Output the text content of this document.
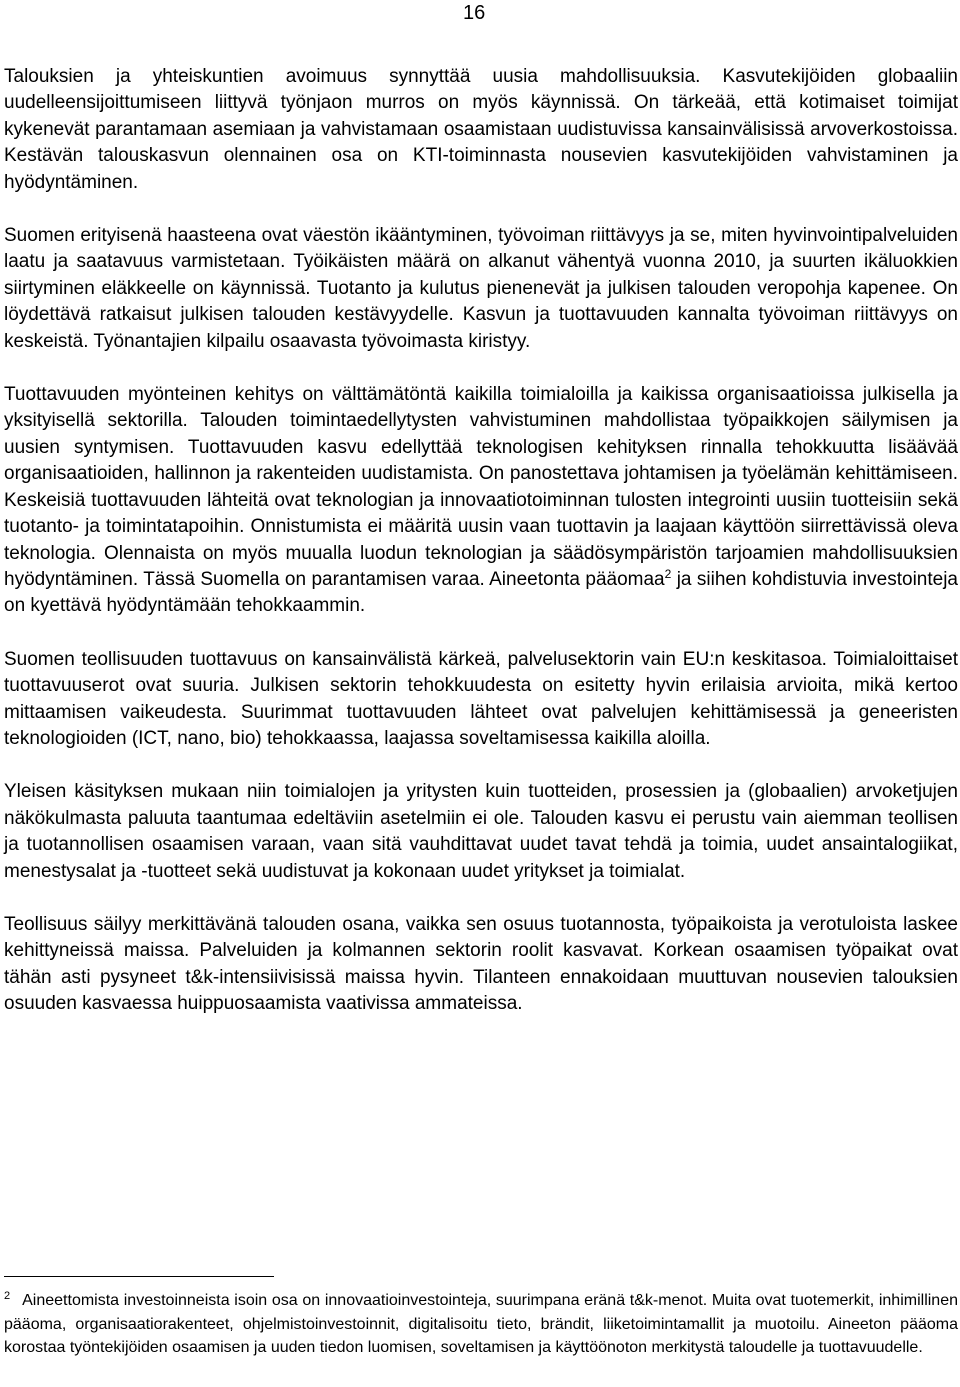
16

Talouksien ja yhteiskuntien avoimuus synnyttää uusia mahdollisuuksia. Kasvutekijöiden globaaliin uudelleensijoittumiseen liittyvä työnjaon murros on myös käynnissä. On tärkeää, että kotimaiset toimijat kykenevät parantamaan asemiaan ja vahvistamaan osaamistaan uudistuvissa kansainvälisissä arvoverkostoissa. Kestävän talouskasvun olennainen osa on KTI-toiminnasta nousevien kasvutekijöiden vahvistaminen ja hyödyntäminen.

Suomen erityisenä haasteena ovat väestön ikääntyminen, työvoiman riittävyys ja se, miten hyvinvointipalveluiden laatu ja saatavuus varmistetaan. Työikäisten määrä on alkanut vähentyä vuonna 2010, ja suurten ikäluokkien siirtyminen eläkkeelle on käynnissä. Tuotanto ja kulutus pienenevät ja julkisen talouden veropohja kapenee. On löydettävä ratkaisut julkisen talouden kestävyydelle. Kasvun ja tuottavuuden kannalta työvoiman riittävyys on keskeistä. Työnantajien kilpailu osaavasta työvoimasta kiristyy.

Tuottavuuden myönteinen kehitys on välttämätöntä kaikilla toimialoilla ja kaikissa organisaatioissa julkisella ja yksityisellä sektorilla. Talouden toimintaedellytysten vahvistuminen mahdollistaa työpaikkojen säilymisen ja uusien syntymisen. Tuottavuuden kasvu edellyttää teknologisen kehityksen rinnalla tehokkuutta lisäävää organisaatioiden, hallinnon ja rakenteiden uudistamista. On panostettava johtamisen ja työelämän kehittämiseen. Keskeisiä tuottavuuden lähteitä ovat teknologian ja innovaatiotoiminnan tulosten integrointi uusiin tuotteisiin sekä tuotanto- ja toimintatapoihin. Onnistumista ei määritä uusin vaan tuottavin ja laajaan käyttöön siirrettävissä oleva teknologia. Olennaista on myös muualla luodun teknologian ja säädösympäristön tarjoamien mahdollisuuksien hyödyntäminen. Tässä Suomella on parantamisen varaa. Aineetonta pääomaa$^2$ ja siihen kohdistuvia investointeja on kyettävä hyödyntämään tehokkaammin.

Suomen teollisuuden tuottavuus on kansainvälistä kärkeä, palvelusektorin vain EU:n keskitasoa. Toimialoittaiset tuottavuuserot ovat suuria. Julkisen sektorin tehokkuudesta on esitetty hyvin erilaisia arvioita, mikä kertoo mittaamisen vaikeudesta. Suurimmat tuottavuuden lähteet ovat palvelujen kehittämisessä ja geneeristen teknologioiden (ICT, nano, bio) tehokkaassa, laajassa soveltamisessa kaikilla aloilla.

Yleisen käsityksen mukaan niin toimialojen ja yritysten kuin tuotteiden, prosessien ja (globaalien) arvoketjujen näkökulmasta paluuta taantumaa edeltäviin asetelmiin ei ole. Talouden kasvu ei perustu vain aiemman teollisen ja tuotannollisen osaamisen varaan, vaan sitä vauhdittavat uudet tavat tehdä ja toimia, uudet ansaintalogiikat, menestysalat ja -tuotteet sekä uudistuvat ja kokonaan uudet yritykset ja toimialat.

Teollisuus säilyy merkittävänä talouden osana, vaikka sen osuus tuotannosta, työpaikoista ja verotuloista laskee kehittyneissä maissa. Palveluiden ja kolmannen sektorin roolit kasvavat. Korkean osaamisen työpaikat ovat tähän asti pysyneet t&k-intensiivisissä maissa hyvin. Tilanteen ennakoidaan muuttuvan nousevien talouksien osuuden kasvaessa huippuosaamista vaativissa ammateissa.

$^2$ Aineettomista investoinneista isoin osa on innovaatioinvestointeja, suurimpana eränä t&k-menot. Muita ovat tuotemerkit, inhimillinen pääoma, organisaatiorakenteet, ohjelmistoinvestoinnit, digitalisoitu tieto, brändit, liiketoimintamallit ja muotoilu. Aineeton pääoma korostaa työntekijöiden osaamisen ja uuden tiedon luomisen, soveltamisen ja käyttöönoton merkitystä taloudelle ja tuottavuudelle.
